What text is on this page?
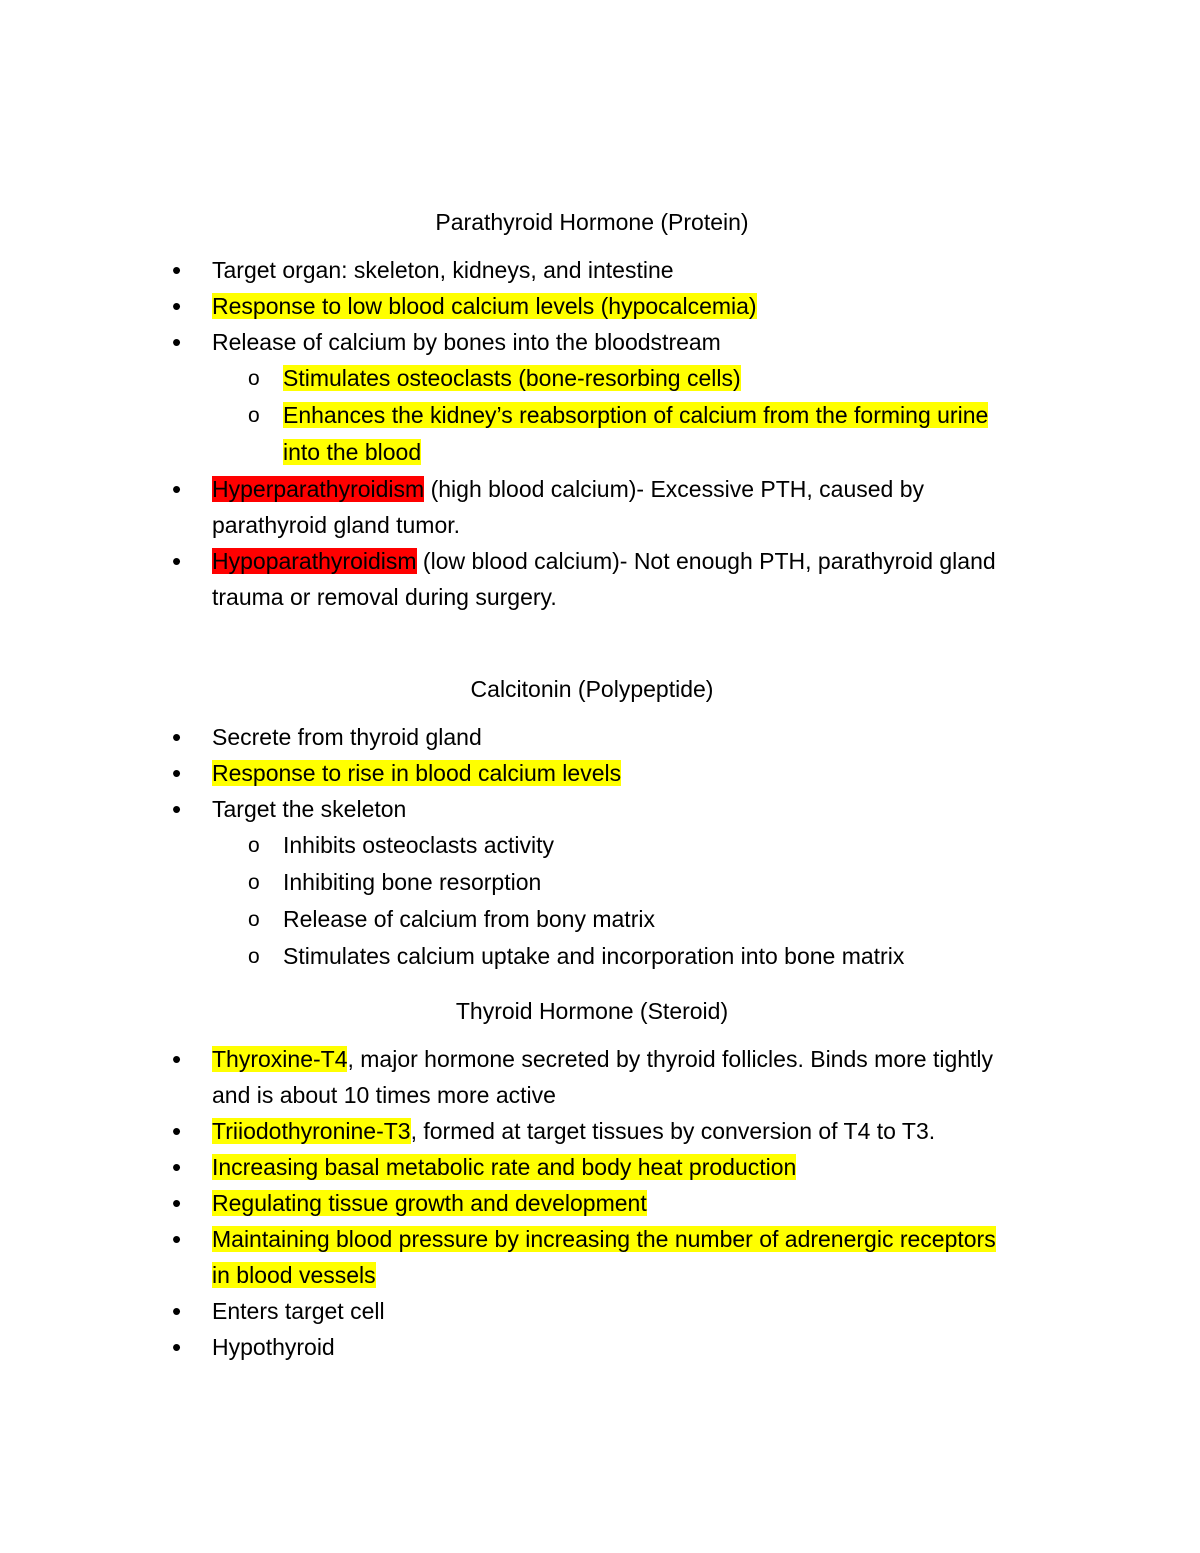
Parathyroid Hormone (Protein)
• Target organ: skeleton, kidneys, and intestine
• Response to low blood calcium levels (hypocalcemia)
• Release of calcium by bones into the bloodstream
o Stimulates osteoclasts (bone-resorbing cells)
o Enhances the kidney’s reabsorption of calcium from the forming urine into the blood
• Hyperparathyroidism (high blood calcium)- Excessive PTH, caused by parathyroid gland tumor.
• Hypoparathyroidism (low blood calcium)- Not enough PTH, parathyroid gland trauma or removal during surgery.
Calcitonin (Polypeptide)
• Secrete from thyroid gland
• Response to rise in blood calcium levels
• Target the skeleton
o Inhibits osteoclasts activity
o Inhibiting bone resorption
o Release of calcium from bony matrix
o Stimulates calcium uptake and incorporation into bone matrix
Thyroid Hormone (Steroid)
• Thyroxine-T4, major hormone secreted by thyroid follicles. Binds more tightly and is about 10 times more active
• Triiodothyronine-T3, formed at target tissues by conversion of T4 to T3.
• Increasing basal metabolic rate and body heat production
• Regulating tissue growth and development
• Maintaining blood pressure by increasing the number of adrenergic receptors in blood vessels
• Enters target cell
• Hypothyroid
